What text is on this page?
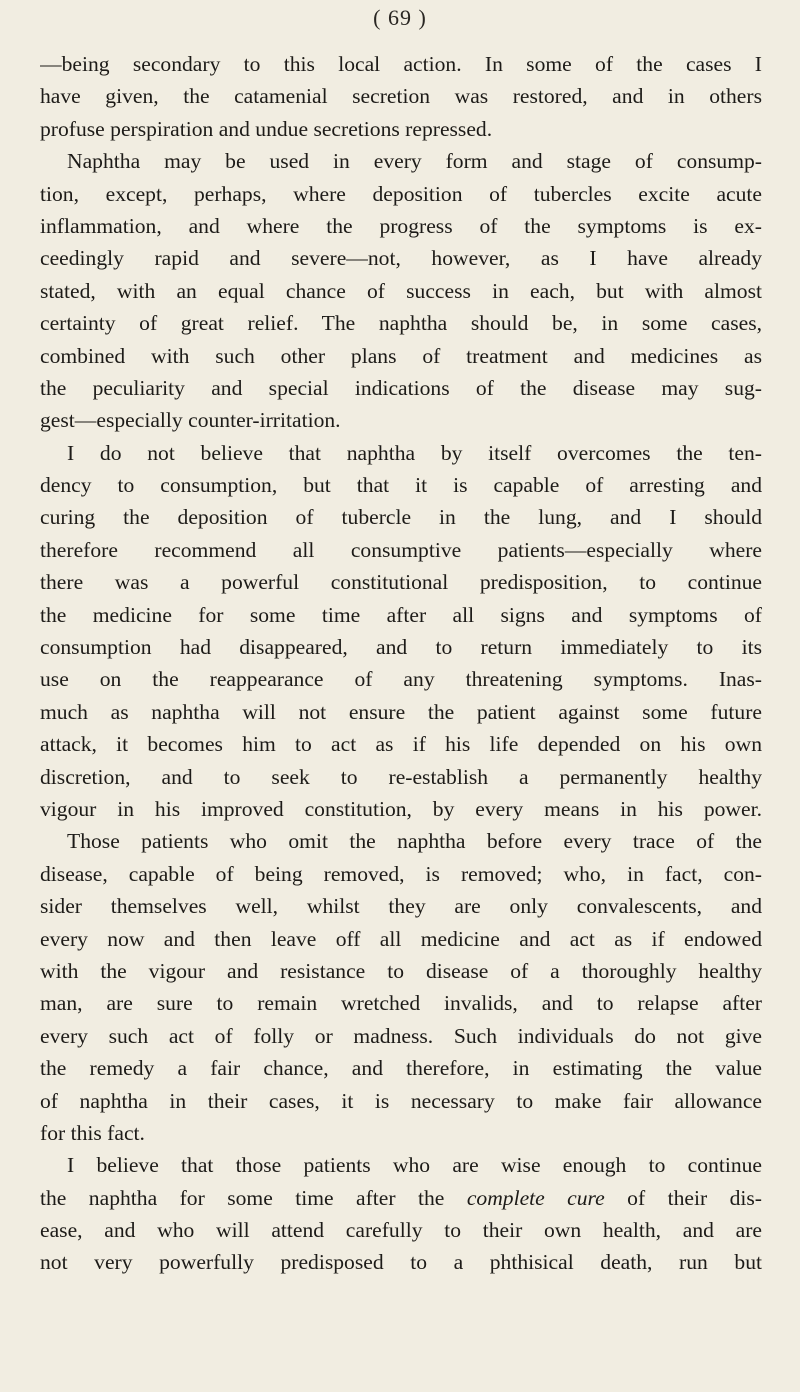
( 69 )
—being secondary to this local action. In some of the cases I
have given, the catamenial secretion was restored, and in others
profuse perspiration and undue secretions repressed.
Naphtha may be used in every form and stage of consump-
tion, except, perhaps, where deposition of tubercles excite acute
inflammation, and where the progress of the symptoms is ex-
ceedingly rapid and severe—not, however, as I have already
stated, with an equal chance of success in each, but with almost
certainty of great relief. The naphtha should be, in some cases,
combined with such other plans of treatment and medicines as
the peculiarity and special indications of the disease may sug-
gest—especially counter-irritation.
I do not believe that naphtha by itself overcomes the ten-
dency to consumption, but that it is capable of arresting and
curing the deposition of tubercle in the lung, and I should
therefore recommend all consumptive patients—especially where
there was a powerful constitutional predisposition, to continue
the medicine for some time after all signs and symptoms of
consumption had disappeared, and to return immediately to its
use on the reappearance of any threatening symptoms. Inas-
much as naphtha will not ensure the patient against some future
attack, it becomes him to act as if his life depended on his own
discretion, and to seek to re-establish a permanently healthy
vigour in his improved constitution, by every means in his power.
Those patients who omit the naphtha before every trace of the
disease, capable of being removed, is removed; who, in fact, con-
sider themselves well, whilst they are only convalescents, and
every now and then leave off all medicine and act as if endowed
with the vigour and resistance to disease of a thoroughly healthy
man, are sure to remain wretched invalids, and to relapse after
every such act of folly or madness. Such individuals do not give
the remedy a fair chance, and therefore, in estimating the value
of naphtha in their cases, it is necessary to make fair allowance
for this fact.
I believe that those patients who are wise enough to continue
the naphtha for some time after the complete cure of their dis-
ease, and who will attend carefully to their own health, and are
not very powerfully predisposed to a phthisical death, run but
